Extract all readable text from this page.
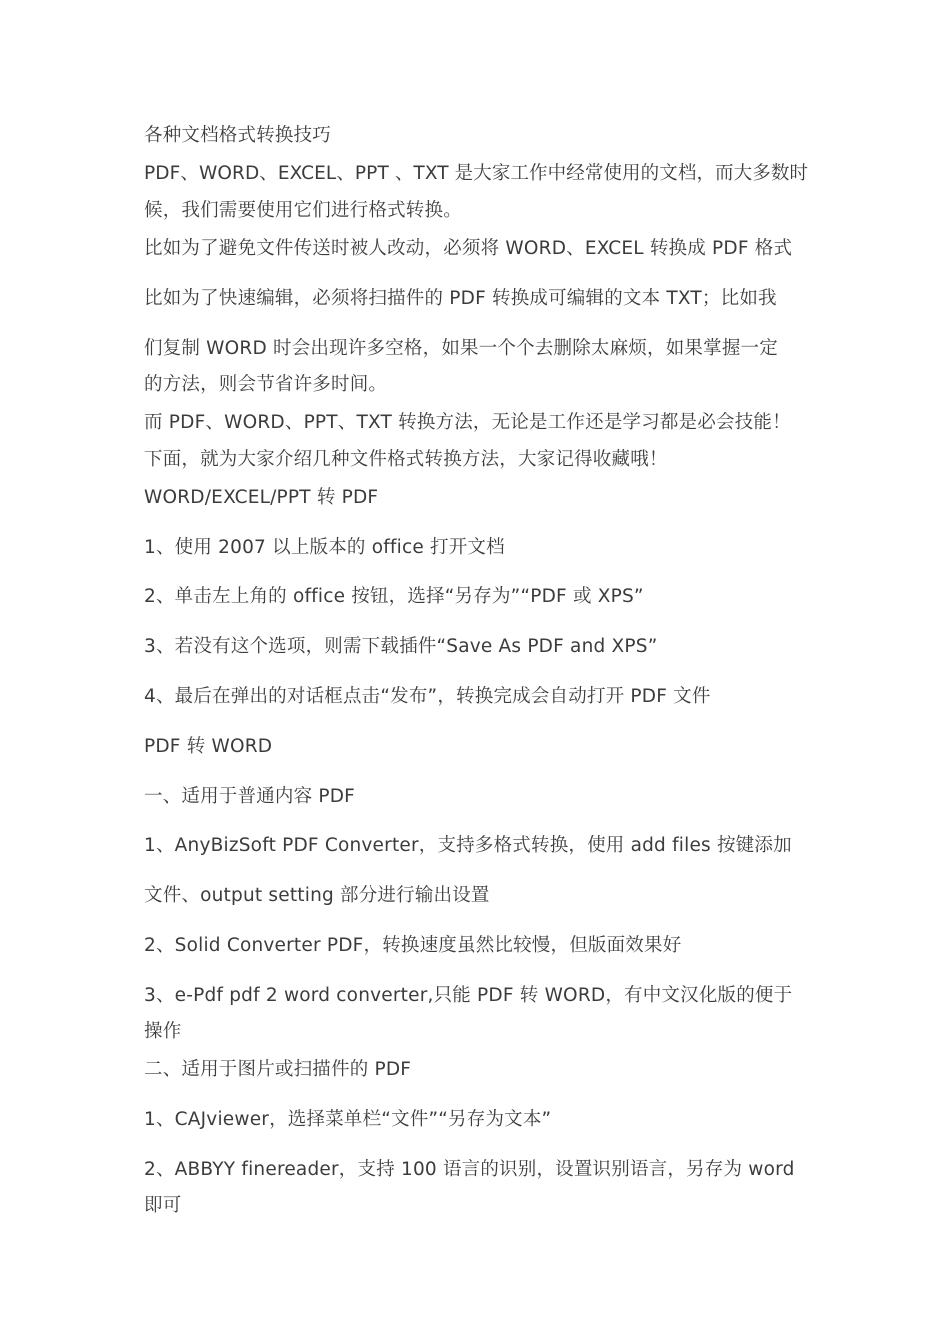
各种文档格式转换技巧
PDF、WORD、EXCEL、PPT 、TXT 是大家工作中经常使用的文档，而大多数时
候，我们需要使用它们进行格式转换。
比如为了避免文件传送时被人改动，必须将 WORD、EXCEL 转换成 PDF 格式
比如为了快速编辑，必须将扫描件的 PDF 转换成可编辑的文本 TXT；比如我
们复制 WORD 时会出现许多空格，如果一个个去删除太麻烦，如果掌握一定
的方法，则会节省许多时间。
而 PDF、WORD、PPT、TXT 转换方法，无论是工作还是学习都是必会技能！
下面，就为大家介绍几种文件格式转换方法，大家记得收藏哦！
WORD/EXCEL/PPT 转 PDF
1、使用 2007 以上版本的 office 打开文档
2、单击左上角的 office 按钮，选择“另存为”“PDF 或 XPS”
3、若没有这个选项，则需下载插件“Save As PDF and XPS”
4、最后在弹出的对话框点击“发布”，转换完成会自动打开 PDF 文件
PDF 转 WORD
一、适用于普通内容 PDF
1、AnyBizSoft PDF Converter，支持多格式转换，使用 add files 按键添加
文件、output setting 部分进行输出设置
2、Solid Converter PDF，转换速度虽然比较慢，但版面效果好
3、e-Pdf pdf 2 word converter,只能 PDF 转 WORD，有中文汉化版的便于
操作
二、适用于图片或扫描件的 PDF
1、CAJviewer，选择菜单栏“文件”“另存为文本”
2、ABBYY finereader，支持 100 语言的识别，设置识别语言，另存为 word
即可
